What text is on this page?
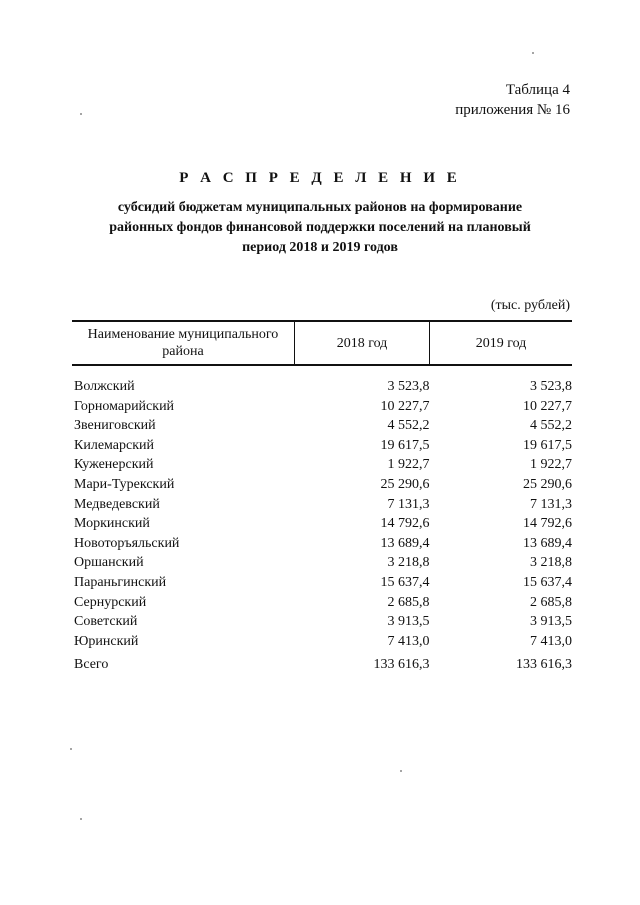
Таблица 4
приложения № 16
Р А С П Р Е Д Е Л Е Н И Е
субсидий бюджетам муниципальных районов на формирование районных фондов финансовой поддержки поселений на плановый период 2018 и 2019 годов
(тыс. рублей)
Наименование муниципального района	2018 год	2019 год

Волжский	3 523,8	3 523,8
Горномарийский	10 227,7	10 227,7
Звениговский	4 552,2	4 552,2
Килемарский	19 617,5	19 617,5
Куженерский	1 922,7	1 922,7
Мари-Турекский	25 290,6	25 290,6
Медведевский	7 131,3	7 131,3
Моркинский	14 792,6	14 792,6
Новоторъяльский	13 689,4	13 689,4
Оршанский	3 218,8	3 218,8
Параньгинский	15 637,4	15 637,4
Сернурский	2 685,8	2 685,8
Советский	3 913,5	3 913,5
Юринский	7 413,0	7 413,0
Всего	133 616,3	133 616,3
